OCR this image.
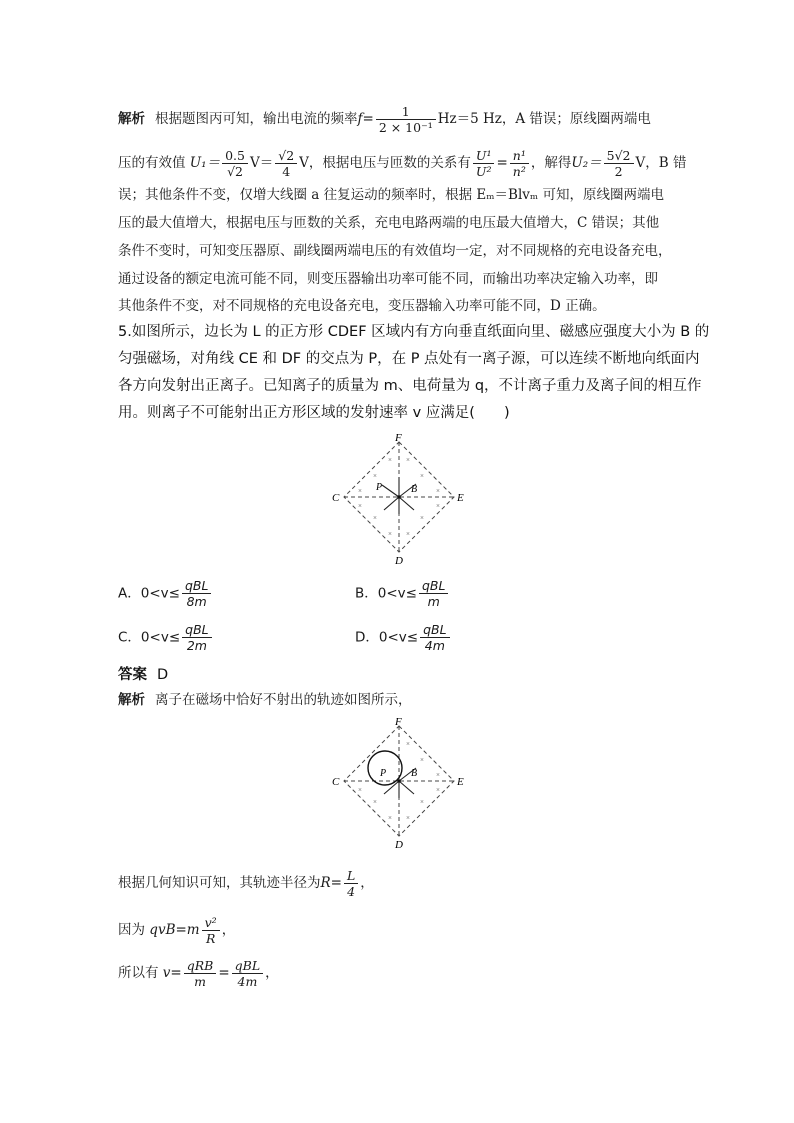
解析 根据题图丙可知，输出电流的频率$f= \frac{1}{\text{2 × 10⁻¹}} Hz=5$ Hz，A 错误；原线圈两端电
压的有效值 $U_1= \frac{0.5}{√2} V= \frac{√2}{4}$ V，根据电压与匝数的关系有 $\frac{\text{U¹}}{\text{U²}} = \frac{\text{n¹}}{\text{n²}}$ ，解得$U_2= \frac{5√2}{2}$ V，B 错
误；其他条件不变，仅增大线圈 a 往复运动的频率时，根据 Eₘ＝Blvₘ 可知，原线圈两端电
压的最大值增大，根据电压与匝数的关系，充电电路两端的电压最大值增大，C 错误；其他
条件不变时，可知变压器原、副线圈两端电压的有效值均一定，对不同规格的充电设备充电，
通过设备的额定电流可能不同，则变压器输出功率可能不同，而输出功率决定输入功率，即
其他条件不变，对不同规格的充电设备充电，变压器输入功率可能不同，D 正确。
5.如图所示，边长为 L 的正方形 CDEF 区域内有方向垂直纸面向里、磁感应强度大小为 B 的
匀强磁场，对角线 CE 和 DF 的交点为 P，在 P 点处有一离子源，可以连续不断地向纸面内
各方向发射出正离子。已知离子的质量为 m、电荷量为 q，不计离子重力及离子间的相互作
用。则离子不可能射出正方形区域的发射速率 v 应满足(　　)
× ×
×	×
×	×
×	×
×	×
× ×
F
C	E
D
P	B
A．$0<v\le \frac{\text{qBL}}{8m}$	B．$0<v\le \frac{\text{qBL}}{m}$
C．$0<v\le \frac{\text{qBL}}{2m}$	D．$0<v\le \frac{\text{qBL}}{4m}$
答案 D
解析 离子在磁场中恰好不射出的轨迹如图所示，
×
×
×
×	×
×	×
× ×
F
C	E
D
P B
根据几何知识可知，其轨迹半径为$R= \frac{L}{4}$ ，
因为 $qvB=m \frac{\text{v²}}{R}$ ，
所以有 $v= \frac{\text{qRB}}{m} = \frac{\text{qBL}}{4m}$ ，
